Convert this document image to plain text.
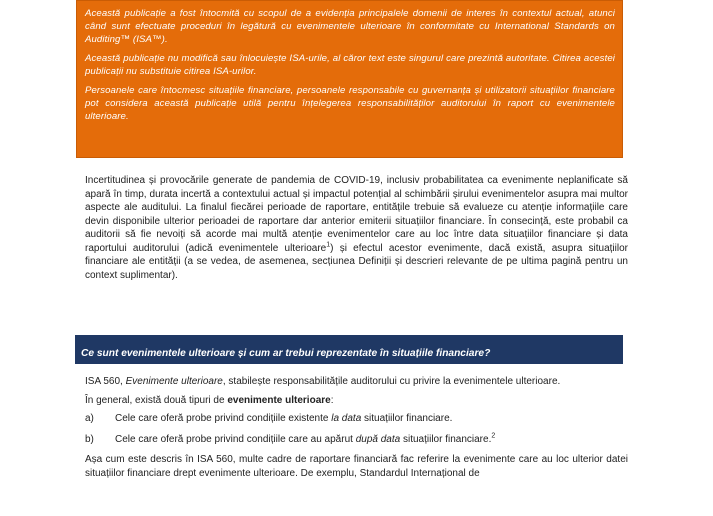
Această publicație a fost întocmită cu scopul de a evidenția principalele domenii de interes în contextul actual, atunci când sunt efectuate proceduri în legătură cu evenimentele ulterioare în conformitate cu International Standards on Auditing™ (ISA™).

Această publicație nu modifică sau înlocuiește ISA-urile, al căror text este singurul care prezintă autoritate. Citirea acestei publicații nu substituie citirea ISA-urilor.

Persoanele care întocmesc situațiile financiare, persoanele responsabile cu guvernanța și utilizatorii situațiilor financiare pot considera această publicație utilă pentru înțelegerea responsabilităților auditorului în raport cu evenimentele ulterioare.

Incertitudinea și provocările generate de pandemia de COVID-19, inclusiv probabilitatea ca evenimente neplanificate să apară în timp, durata incertă a contextului actual și impactul potențial al schimbării șirului evenimentelor asupra mai multor aspecte ale auditului. La finalul fiecărei perioade de raportare, entitățile trebuie să evalueze cu atenție informațiile care devin disponibile ulterior perioadei de raportare dar anterior emiterii situațiilor financiare. În consecință, este probabil ca auditorii să fie nevoiți să acorde mai multă atenție evenimentelor care au loc între data situațiilor financiare și data raportului auditorului (adică evenimentele ulterioare$^1$) și efectul acestor evenimente, dacă există, asupra situațiilor financiare ale entității (a se vedea, de asemenea, secțiunea Definiții și descrieri relevante de pe ultima pagină pentru un context suplimentar).

Ce sunt evenimentele ulterioare și cum ar trebui reprezentate în situațiile financiare?

ISA 560, Evenimente ulterioare, stabilește responsabilitățile auditorului cu privire la evenimentele ulterioare.

În general, există două tipuri de evenimente ulterioare:

a)	Cele care oferă probe privind condițiile existente la data situațiilor financiare.
b)	Cele care oferă probe privind condițiile care au apărut după data situațiilor financiare.$^2$

Așa cum este descris în ISA 560, multe cadre de raportare financiară fac referire la evenimente care au loc ulterior datei situațiilor financiare drept evenimente ulterioare. De exemplu, Standardul Internațional de
